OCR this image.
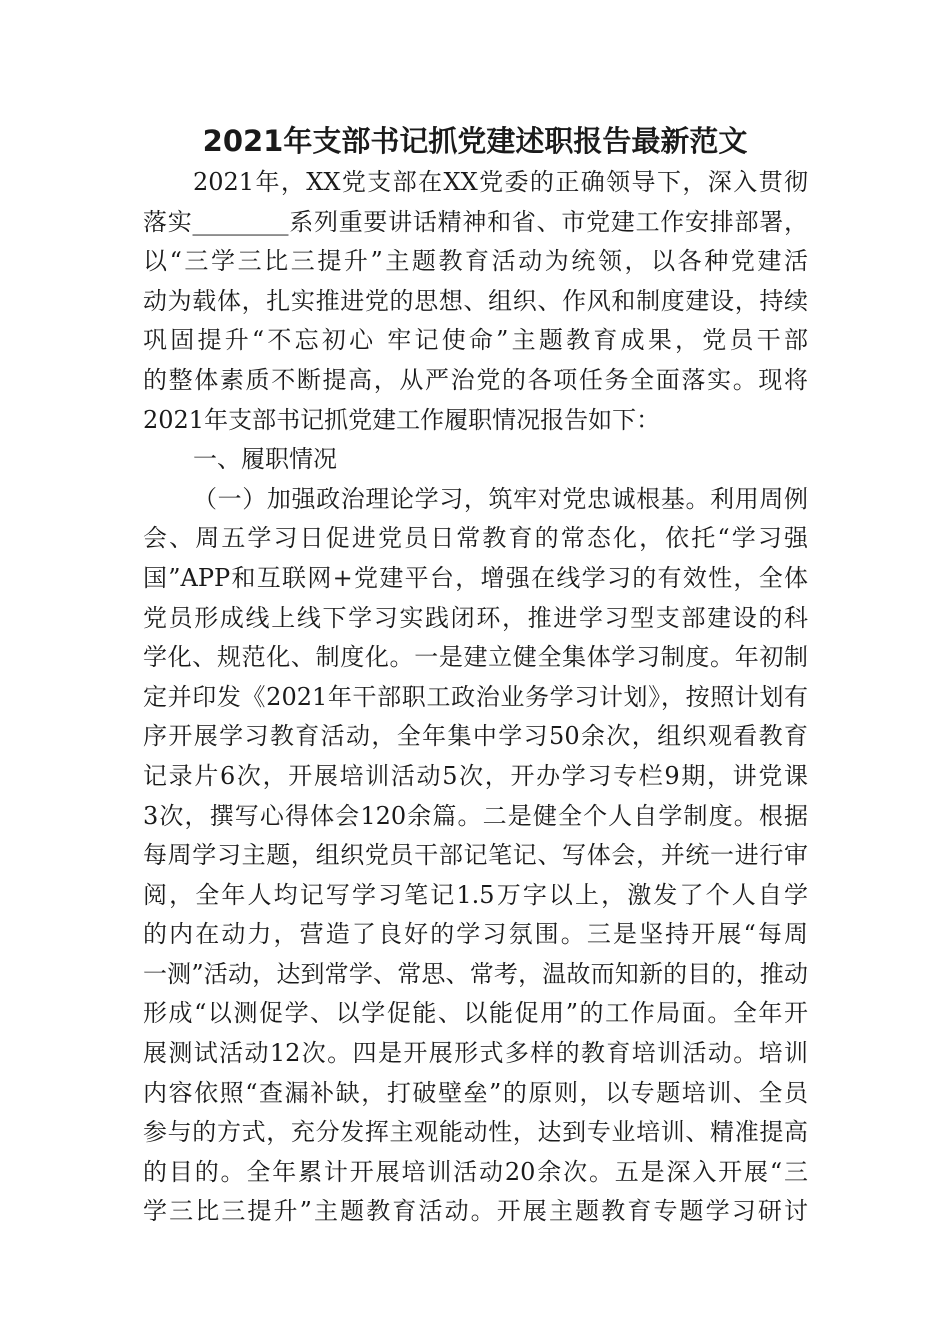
2021年支部书记抓党建述职报告最新范文
2021年，XX党支部在XX党委的正确领导下，深入贯彻
落实________系列重要讲话精神和省、市党建工作安排部署，
以“三学三比三提升”主题教育活动为统领，以各种党建活
动为载体，扎实推进党的思想、组织、作风和制度建设，持续
巩固提升“不忘初心 牢记使命”主题教育成果，党员干部
的整体素质不断提高，从严治党的各项任务全面落实。现将
2021年支部书记抓党建工作履职情况报告如下：
一、履职情况
（一）加强政治理论学习，筑牢对党忠诚根基。利用周例
会、周五学习日促进党员日常教育的常态化，依托“学习强
国”APP和互联网+党建平台，增强在线学习的有效性，全体
党员形成线上线下学习实践闭环，推进学习型支部建设的科
学化、规范化、制度化。一是建立健全集体学习制度。年初制
定并印发《2021年干部职工政治业务学习计划》，按照计划有
序开展学习教育活动，全年集中学习50余次，组织观看教育
记录片6次，开展培训活动5次，开办学习专栏9期，讲党课
3次，撰写心得体会120余篇。二是健全个人自学制度。根据
每周学习主题，组织党员干部记笔记、写体会，并统一进行审
阅，全年人均记写学习笔记1.5万字以上，激发了个人自学
的内在动力，营造了良好的学习氛围。三是坚持开展“每周
一测”活动，达到常学、常思、常考，温故而知新的目的，推动
形成“以测促学、以学促能、以能促用”的工作局面。全年开
展测试活动12次。四是开展形式多样的教育培训活动。培训
内容依照“查漏补缺，打破壁垒”的原则，以专题培训、全员
参与的方式，充分发挥主观能动性，达到专业培训、精准提高
的目的。全年累计开展培训活动20余次。五是深入开展“三
学三比三提升”主题教育活动。开展主题教育专题学习研讨
